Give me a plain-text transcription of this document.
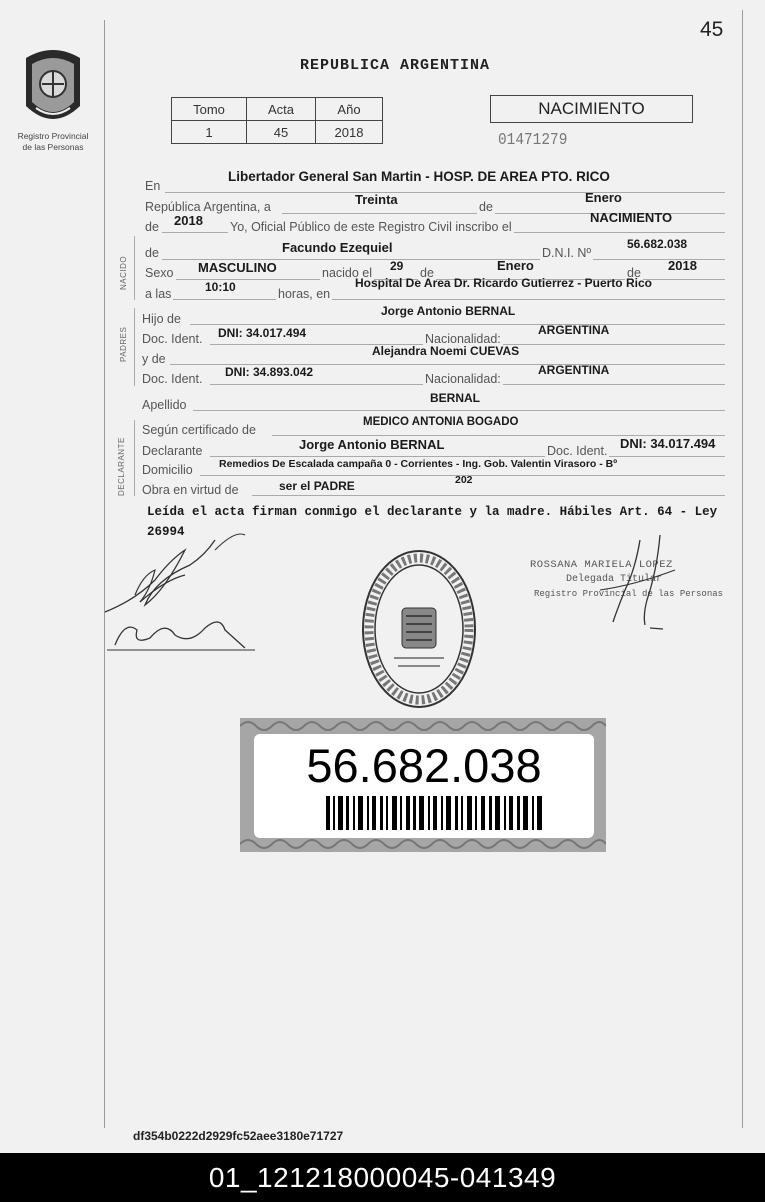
45
Registro Provincial
de las Personas
REPUBLICA ARGENTINA
Tomo	Acta	Año
1	45	2018
NACIMIENTO
01471279
En
Libertador General San Martin - HOSP. DE AREA PTO. RICO
República Argentina, a	Treinta	de
Enero
de 2018 Yo, Oficial Público de este Registro Civil inscribo el
NACIMIENTO
NACIDO
de	Facundo Ezequiel	D.N.I. Nº
56.682.038
Sexo MASCULINO	nacido el 29 de	Enero	de 2018
a las	10:10	horas, en
Hospital De Area Dr. Ricardo Gutierrez - Puerto Rico
PADRES
Hijo de
Jorge Antonio BERNAL
Doc. Ident. DNI: 34.017.494	Nacionalidad:
ARGENTINA
y de
Alejandra Noemi CUEVAS
Doc. Ident. DNI: 34.893.042	Nacionalidad:
ARGENTINA
Apellido	BERNAL
DECLARANTE
Según certificado de
MEDICO ANTONIA BOGADO
Declarante	Jorge Antonio BERNAL	Doc. Ident. DNI: 34.017.494
Domicilio	Remedios De Escalada campaña 0 - Corrientes - Ing. Gob. Valentin Virasoro - Bº
202
Obra en virtud de	ser el PADRE
Leída el acta firman conmigo el declarante y la madre. Hábiles Art. 64 - Ley
26994
ROSSANA MARIELA LOPEZ
Delegada Titular
Registro Provincial de las Personas
56.682.038
df354b0222d2929fc52aee3180e71727
01_121218000045-041349
